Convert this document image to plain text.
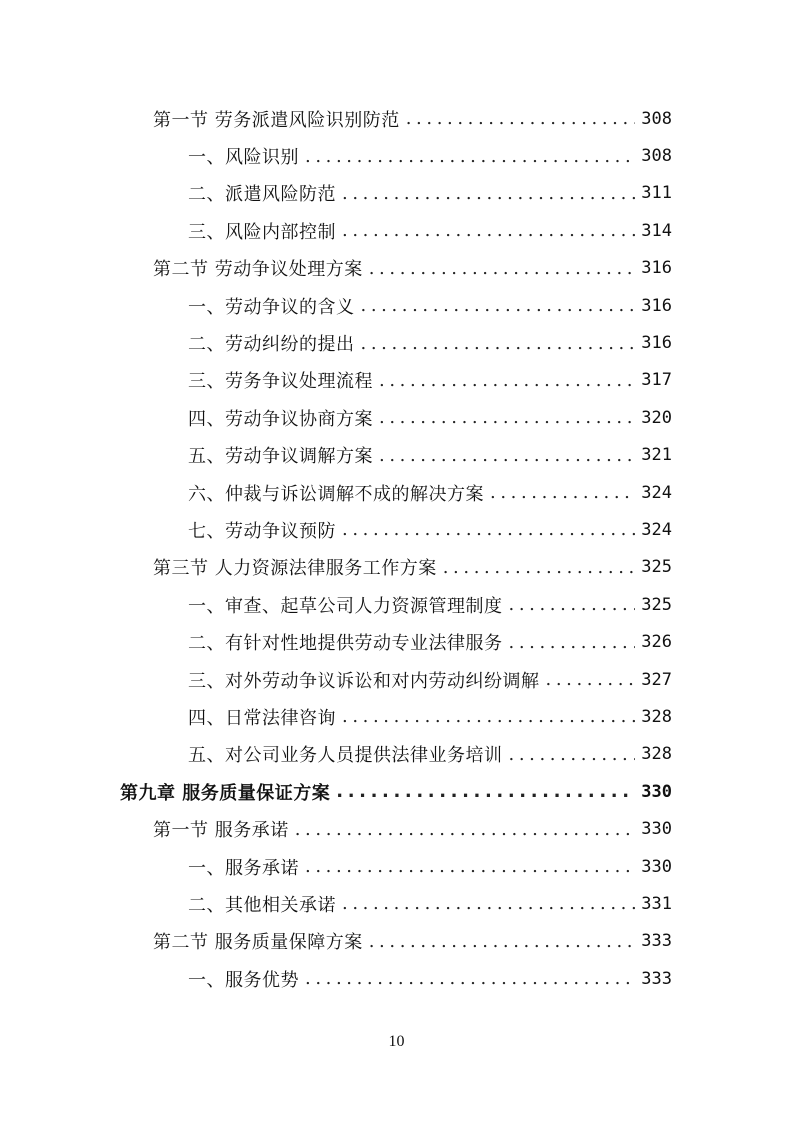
第一节 劳务派遣风险识别防范 .....	308
一、风险识别 .....	308
二、派遣风险防范 .....	311
三、风险内部控制 .....	314
第二节 劳动争议处理方案 .....	316
一、劳动争议的含义 .....	316
二、劳动纠纷的提出 .....	316
三、劳务争议处理流程 .....	317
四、劳动争议协商方案 .....	320
五、劳动争议调解方案 .....	321
六、仲裁与诉讼调解不成的解决方案 .....	324
七、劳动争议预防 .....	324
第三节 人力资源法律服务工作方案 .....	325
一、审查、起草公司人力资源管理制度 .....	325
二、有针对性地提供劳动专业法律服务 .....	326
三、对外劳动争议诉讼和对内劳动纠纷调解 .....	327
四、日常法律咨询 .....	328
五、对公司业务人员提供法律业务培训 .....	328
第九章 服务质量保证方案 .....	330
第一节 服务承诺 .....	330
一、服务承诺 .....	330
二、其他相关承诺 .....	331
第二节 服务质量保障方案 .....	333
一、服务优势 .....	333
10
